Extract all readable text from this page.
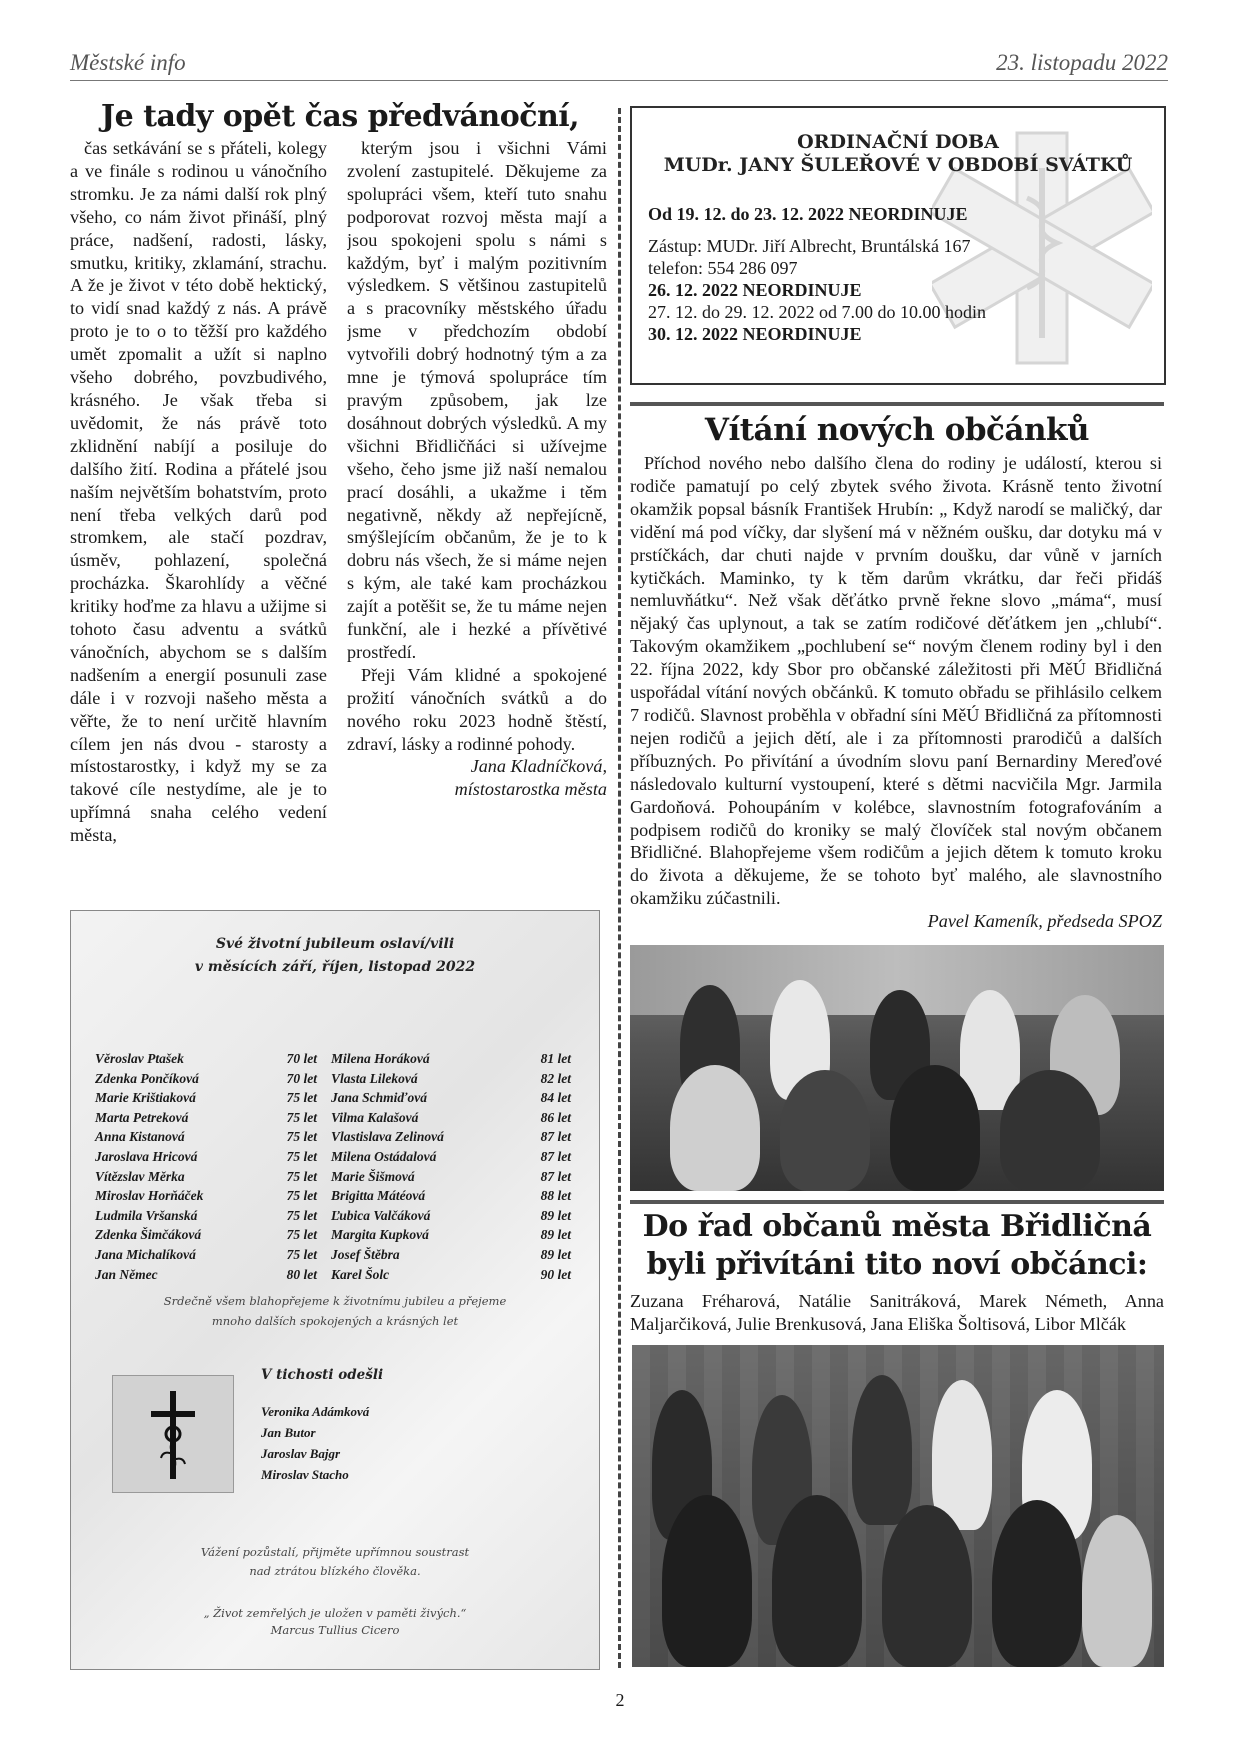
Městské info	23. listopadu 2022
Je tady opět čas předvánoční,

čas setkávání se s přáteli, kolegy a ve finále s rodinou u vánočního stromku. Je za námi další rok plný všeho, co nám život přináší, plný práce, nadšení, radosti, lásky, smutku, kritiky, zklamání, strachu. A že je život v této době hektický, to vidí snad každý z nás. A právě proto je to o to těžší pro každého umět zpomalit a užít si naplno všeho dobrého, povzbudivého, krásného. Je však třeba si uvědomit, že nás právě toto zklidnění nabíjí a posiluje do dalšího žití. Rodina a přátelé jsou naším největším bohatstvím, proto není třeba velkých darů pod stromkem, ale stačí pozdrav, úsměv, pohlazení, společná procházka. Škarohlídy a věčné kritiky hoďme za hlavu a užijme si tohoto času adventu a svátků vánočních, abychom se s dalším nadšením a energií posunuli zase dále i v rozvoji našeho města a věřte, že to není určitě hlavním cílem jen nás dvou - starosty a místostarostky, i když my se za takové cíle nestydíme, ale je to upřímná snaha celého vedení města,

kterým jsou i všichni Vámi zvolení zastupitelé. Děkujeme za spolupráci všem, kteří tuto snahu podporovat rozvoj města mají a jsou spokojeni spolu s námi s každým, byť i malým pozitivním výsledkem. S většinou zastupitelů a s pracovníky městského úřadu jsme v předchozím období vytvořili dobrý hodnotný tým a za mne je týmová spolupráce tím pravým způsobem, jak lze dosáhnout dobrých výsledků. A my všichni Břidličňáci si užívejme všeho, čeho jsme již naší nemalou prací dosáhli, a ukažme i těm negativně, někdy až nepřejícně, smýšlejícím občanům, že je to k dobru nás všech, že si máme nejen s kým, ale také kam procházkou zajít a potěšit se, že tu máme nejen funkční, ale i hezké a přívětivé prostředí.

Přeji Vám klidné a spokojené prožití vánočních svátků a do nového roku 2023 hodně štěstí, zdraví, lásky a rodinné pohody.

Jana Kladníčková,

místostarostka města

ORDINAČNÍ DOBA
MUDr. JANY ŠULEŘOVÉ V OBDOBÍ SVÁTKŮ
Od 19. 12. do 23. 12. 2022 NEORDINUJE
Zástup: MUDr. Jiří Albrecht, Bruntálská 167
telefon: 554 286 097
26. 12. 2022 NEORDINUJE
27. 12. do 29. 12. 2022 od 7.00 do 10.00 hodin
30. 12. 2022 NEORDINUJE
Vítání nových občánků

Příchod nového nebo dalšího člena do rodiny je událostí, kterou si rodiče pamatují po celý zbytek svého života. Krásně tento životní okamžik popsal básník František Hrubín: „ Když narodí se maličký, dar vidění má pod víčky, dar slyšení má v něžném oušku, dar dotyku má v prstíčkách, dar chuti najde v prvním doušku, dar vůně v jarních kytičkách. Maminko, ty k těm darům vkrátku, dar řeči přidáš nemluvňátku“. Než však děťátko prvně řekne slovo „máma“, musí nějaký čas uplynout, a tak se zatím rodičové děťátkem jen „chlubí“. Takovým okamžikem „pochlubení se“ novým členem rodiny byl i den 22. října 2022, kdy Sbor pro občanské záležitosti při MěÚ Břidličná uspořádal vítání nových občánků. K tomuto obřadu se přihlásilo celkem 7 rodičů. Slavnost proběhla v obřadní síni MěÚ Břidličná za přítomnosti nejen rodičů a jejich dětí, ale i za přítomnosti prarodičů a dalších příbuzných. Po přivítání a úvodním slovu paní Bernardiny Mereďové následovalo kulturní vystoupení, které s dětmi nacvičila Mgr. Jarmila Gardoňová. Pohoupáním v kolébce, slavnostním fotografováním a podpisem rodičů do kroniky se malý človíček stal novým občanem Břidličné. Blahopřejeme všem rodičům a jejich dětem k tomuto kroku do života a děkujeme, že se tohoto byť malého, ale slavnostního okamžiku zúčastnili.

Pavel Kameník, předseda SPOZ
Do řad občanů města Břidličná
byli přivítáni tito noví občánci:
Zuzana Fréharová, Natálie Sanitráková, Marek Németh, Anna Maljarčiková, Julie Brenkusová, Jana Eliška Šoltisová, Libor Mlčák
Své životní jubileum oslaví/vili
v měsících září, říjen, listopad 2022
Věroslav Ptašek	70 let
Zdenka Pončíková	70 let
Marie Krištiaková	75 let
Marta Petreková	75 let
Anna Kistanová	75 let
Jaroslava Hricová	75 let
Vítězslav Měrka	75 let
Miroslav Horňáček	75 let
Ludmila Vršanská	75 let
Zdenka Šimčáková	75 let
Jana Michalíková	75 let
Jan Němec	80 let
Milena Horáková	81 let
Vlasta Lileková	82 let
Jana Schmiďová	84 let
Vilma Kalašová	86 let
Vlastislava Zelinová	87 let
Milena Ostádalová	87 let
Marie Šišmová	87 let
Brigitta Mátéová	88 let
Ľubica Valčáková	89 let
Margita Kupková	89 let
Josef Štěbra	89 let
Karel Šolc	90 let
Srdečně všem blahopřejeme k životnímu jubileu a přejeme
mnoho dalších spokojených a krásných let
V tichosti odešli
Veronika Adámková
Jan Butor
Jaroslav Bajgr
Miroslav Stacho
Vážení pozůstalí, přijměte upřímnou soustrast
nad ztrátou blízkého člověka.
„ Život zemřelých je uložen v paměti živých.“
Marcus Tullius Cicero
2
